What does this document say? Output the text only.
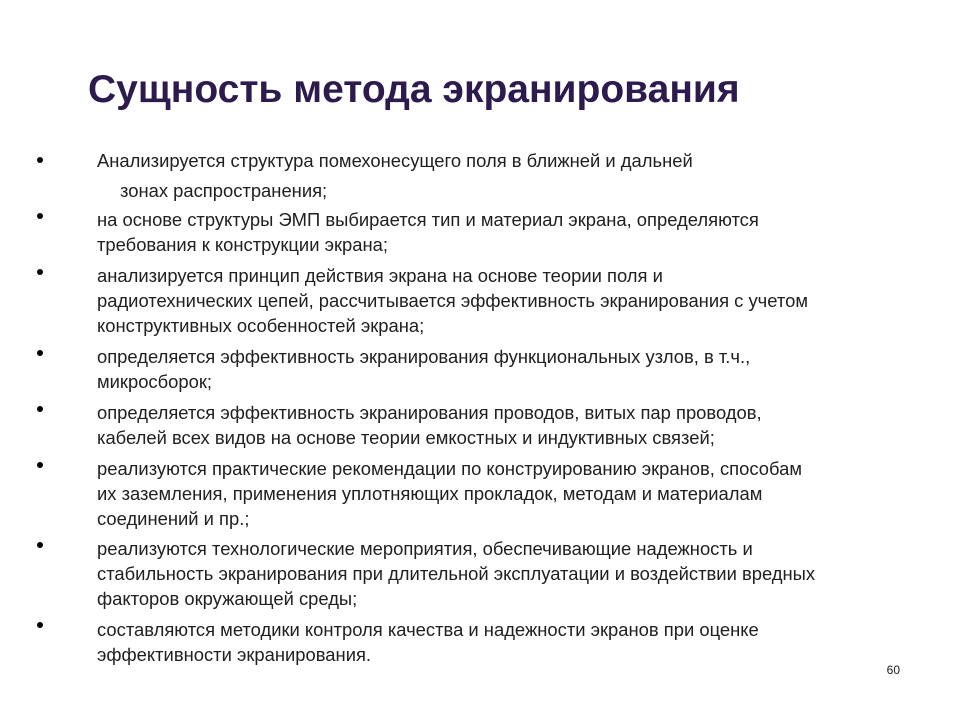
Сущность метода экранирования
Анализируется структура помехонесущего поля в ближней и дальней
зонах распространения;
на основе структуры ЭМП выбирается тип и материал экрана, определяются
требования к конструкции экрана;
анализируется принцип действия экрана на основе теории поля и
радиотехнических цепей, рассчитывается эффективность экранирования с учетом
конструктивных особенностей экрана;
определяется эффективность экранирования функциональных узлов, в т.ч.,
микросборок;
определяется эффективность экранирования проводов, витых пар проводов,
кабелей всех видов на основе теории емкостных и индуктивных связей;
реализуются практические рекомендации по конструированию экранов, способам
их заземления, применения уплотняющих прокладок, методам и материалам
соединений и пр.;
реализуются технологические мероприятия, обеспечивающие надежность и
стабильность экранирования при длительной эксплуатации и воздействии вредных
факторов окружающей среды;
составляются методики контроля качества и надежности экранов при оценке
эффективности экранирования.
60
